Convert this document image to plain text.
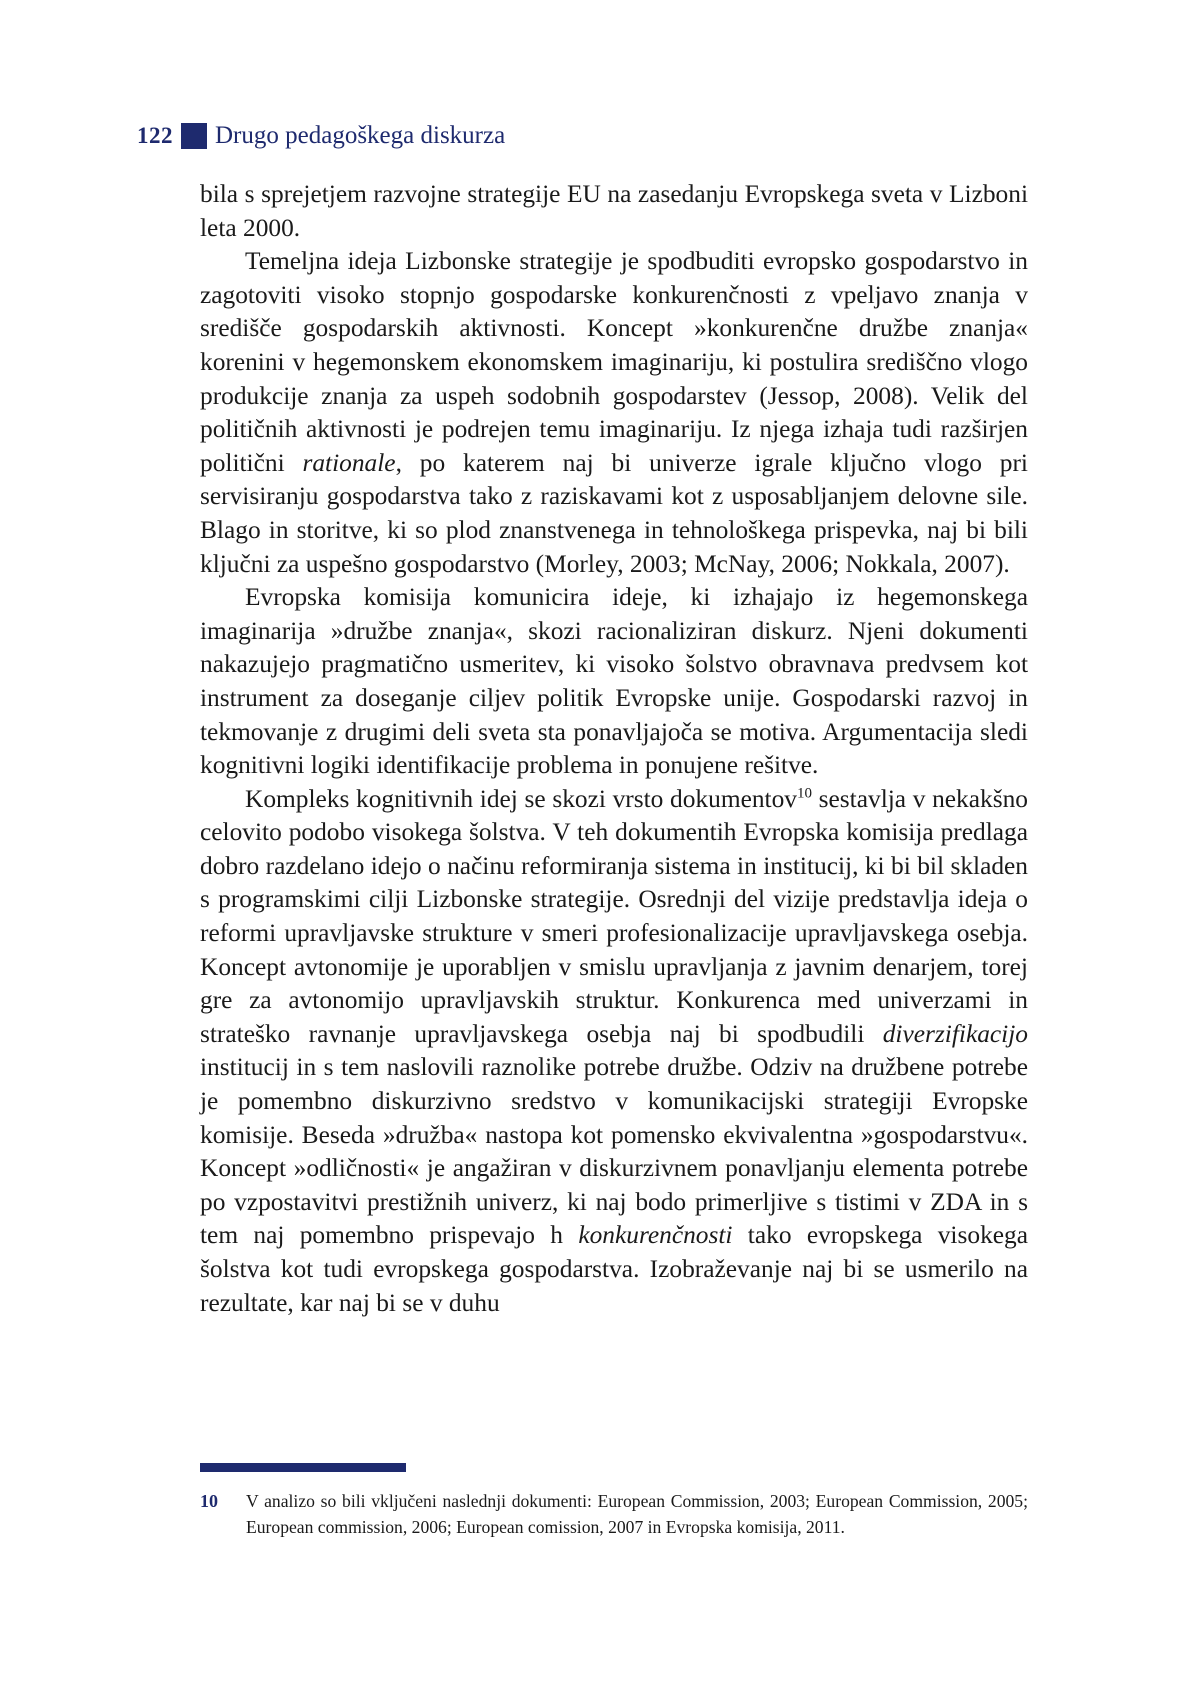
122 Drugo pedagoškega diskurza

bila s sprejetjem razvojne strategije EU na zasedanju Evropskega sveta v Lizboni leta 2000.

Temeljna ideja Lizbonske strategije je spodbuditi evropsko gospodarstvo in zagotoviti visoko stopnjo gospodarske konkurenčnosti z vpeljavo znanja v središče gospodarskih aktivnosti. Koncept »konkurenčne družbe znanja« korenini v hegemonskem ekonomskem imaginariju, ki postulira središčno vlogo produkcije znanja za uspeh sodobnih gospodarstev (Jessop, 2008). Velik del političnih aktivnosti je podrejen temu imaginariju. Iz njega izhaja tudi razširjen politični rationale, po katerem naj bi univerze igrale ključno vlogo pri servisiranju gospodarstva tako z raziskavami kot z usposabljanjem delovne sile. Blago in storitve, ki so plod znanstvenega in tehnološkega prispevka, naj bi bili ključni za uspešno gospodarstvo (Morley, 2003; McNay, 2006; Nokkala, 2007).

Evropska komisija komunicira ideje, ki izhajajo iz hegemonskega imaginarija »družbe znanja«, skozi racionaliziran diskurz. Njeni dokumenti nakazujejo pragmatično usmeritev, ki visoko šolstvo obravnava predvsem kot instrument za doseganje ciljev politik Evropske unije. Gospodarski razvoj in tekmovanje z drugimi deli sveta sta ponavljajoča se motiva. Argumentacija sledi kognitivni logiki identifikacije problema in ponujene rešitve.

Kompleks kognitivnih idej se skozi vrsto dokumentov$^{10}$ sestavlja v nekakšno celovito podobo visokega šolstva. V teh dokumentih Evropska komisija predlaga dobro razdelano idejo o načinu reformiranja sistema in institucij, ki bi bil skladen s programskimi cilji Lizbonske strategije. Osrednji del vizije predstavlja ideja o reformi upravljavske strukture v smeri profesionalizacije upravljavskega osebja. Koncept avtonomije je uporabljen v smislu upravljanja z javnim denarjem, torej gre za avtonomijo upravljavskih struktur. Konkurenca med univerzami in strateško ravnanje upravljavskega osebja naj bi spodbudili diverzifikacijo institucij in s tem naslovili raznolike potrebe družbe. Odziv na družbene potrebe je pomembno diskurzivno sredstvo v komunikacijski strategiji Evropske komisije. Beseda »družba« nastopa kot pomensko ekvivalentna »gospodarstvu«. Koncept »odličnosti« je angažiran v diskurzivnem ponavljanju elementa potrebe po vzpostavitvi prestižnih univerz, ki naj bodo primerljive s tistimi v ZDA in s tem naj pomembno prispevajo h konkurenčnosti tako evropskega visokega šolstva kot tudi evropskega gospodarstva. Izobraževanje naj bi se usmerilo na rezultate, kar naj bi se v duhu

10	V analizo so bili vključeni naslednji dokumenti: European Commission, 2003; European Commission, 2005; European commission, 2006; European comission, 2007 in Evropska komisija, 2011.
